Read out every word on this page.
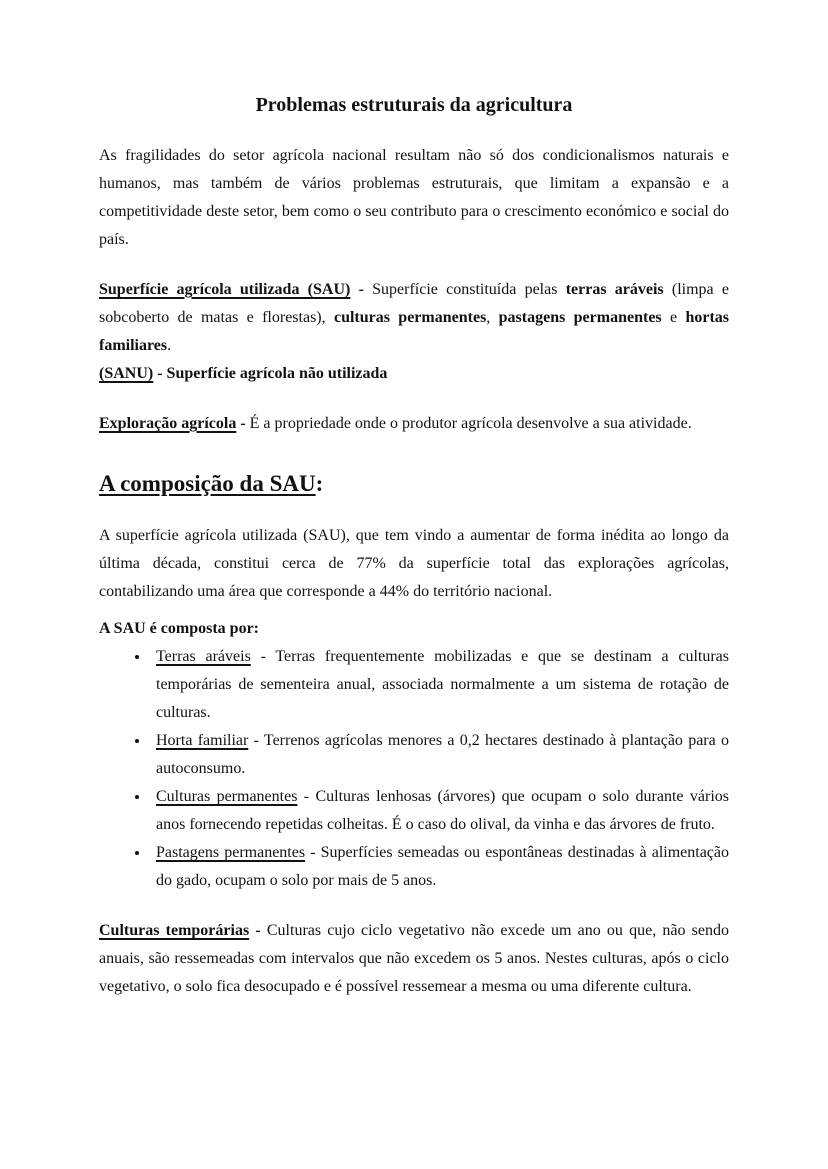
Problemas estruturais da agricultura

As fragilidades do setor agrícola nacional resultam não só dos condicionalismos naturais e humanos, mas também de vários problemas estruturais, que limitam a expansão e a competitividade deste setor, bem como o seu contributo para o crescimento económico e social do país.

Superfície agrícola utilizada (SAU) - Superfície constituída pelas terras aráveis (limpa e sobcoberto de matas e florestas), culturas permanentes, pastagens permanentes e hortas familiares.

(SANU) - Superfície agrícola não utilizada

Exploração agrícola - É a propriedade onde o produtor agrícola desenvolve a sua atividade.

A composição da SAU:

A superfície agrícola utilizada (SAU), que tem vindo a aumentar de forma inédita ao longo da última década, constitui cerca de 77% da superfície total das explorações agrícolas, contabilizando uma área que corresponde a 44% do território nacional.

A SAU é composta por:

• Terras aráveis - Terras frequentemente mobilizadas e que se destinam a culturas temporárias de sementeira anual, associada normalmente a um sistema de rotação de culturas.
• Horta familiar - Terrenos agrícolas menores a 0,2 hectares destinado à plantação para o autoconsumo.
• Culturas permanentes - Culturas lenhosas (árvores) que ocupam o solo durante vários anos fornecendo repetidas colheitas. É o caso do olival, da vinha e das árvores de fruto.
• Pastagens permanentes - Superfícies semeadas ou espontâneas destinadas à alimentação do gado, ocupam o solo por mais de 5 anos.

Culturas temporárias - Culturas cujo ciclo vegetativo não excede um ano ou que, não sendo anuais, são ressemeadas com intervalos que não excedem os 5 anos. Nestes culturas, após o ciclo vegetativo, o solo fica desocupado e é possível ressemear a mesma ou uma diferente cultura.
